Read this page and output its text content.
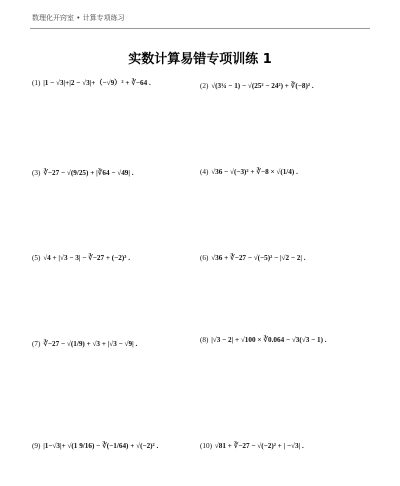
数理化开窍室 • 计算专项练习
实数计算易错专项训练 1
(1) |1 − √3|+|2 − √3|+（−√9）² + ∛−64 .	(2) √(3¼ − 1) − √(25² − 24²) + ∛(−8)² .
(3) ∛−27 − √(9/25) + |∛64 − √49| .	(4) √36 − √(−3)² + ∛−8 × √(1/4) .
(5) √4 + |√3 − 3| − ∛−27 + (−2)³ .	(6) √36 + ∛−27 − √(−5)² − |√2 − 2| .
(7) ∛−27 − √(1/9) + √3 + |√3 − √9| .	(8) |√3 − 2| + √100 × ∛0.064 − √3(√3 − 1) .
(9) |1−√3|+ √(1 9/16) − ∛(−1/64) + √(−2)² .	(10) √81 + ∛−27 − √(−2)² + | −√3| .
